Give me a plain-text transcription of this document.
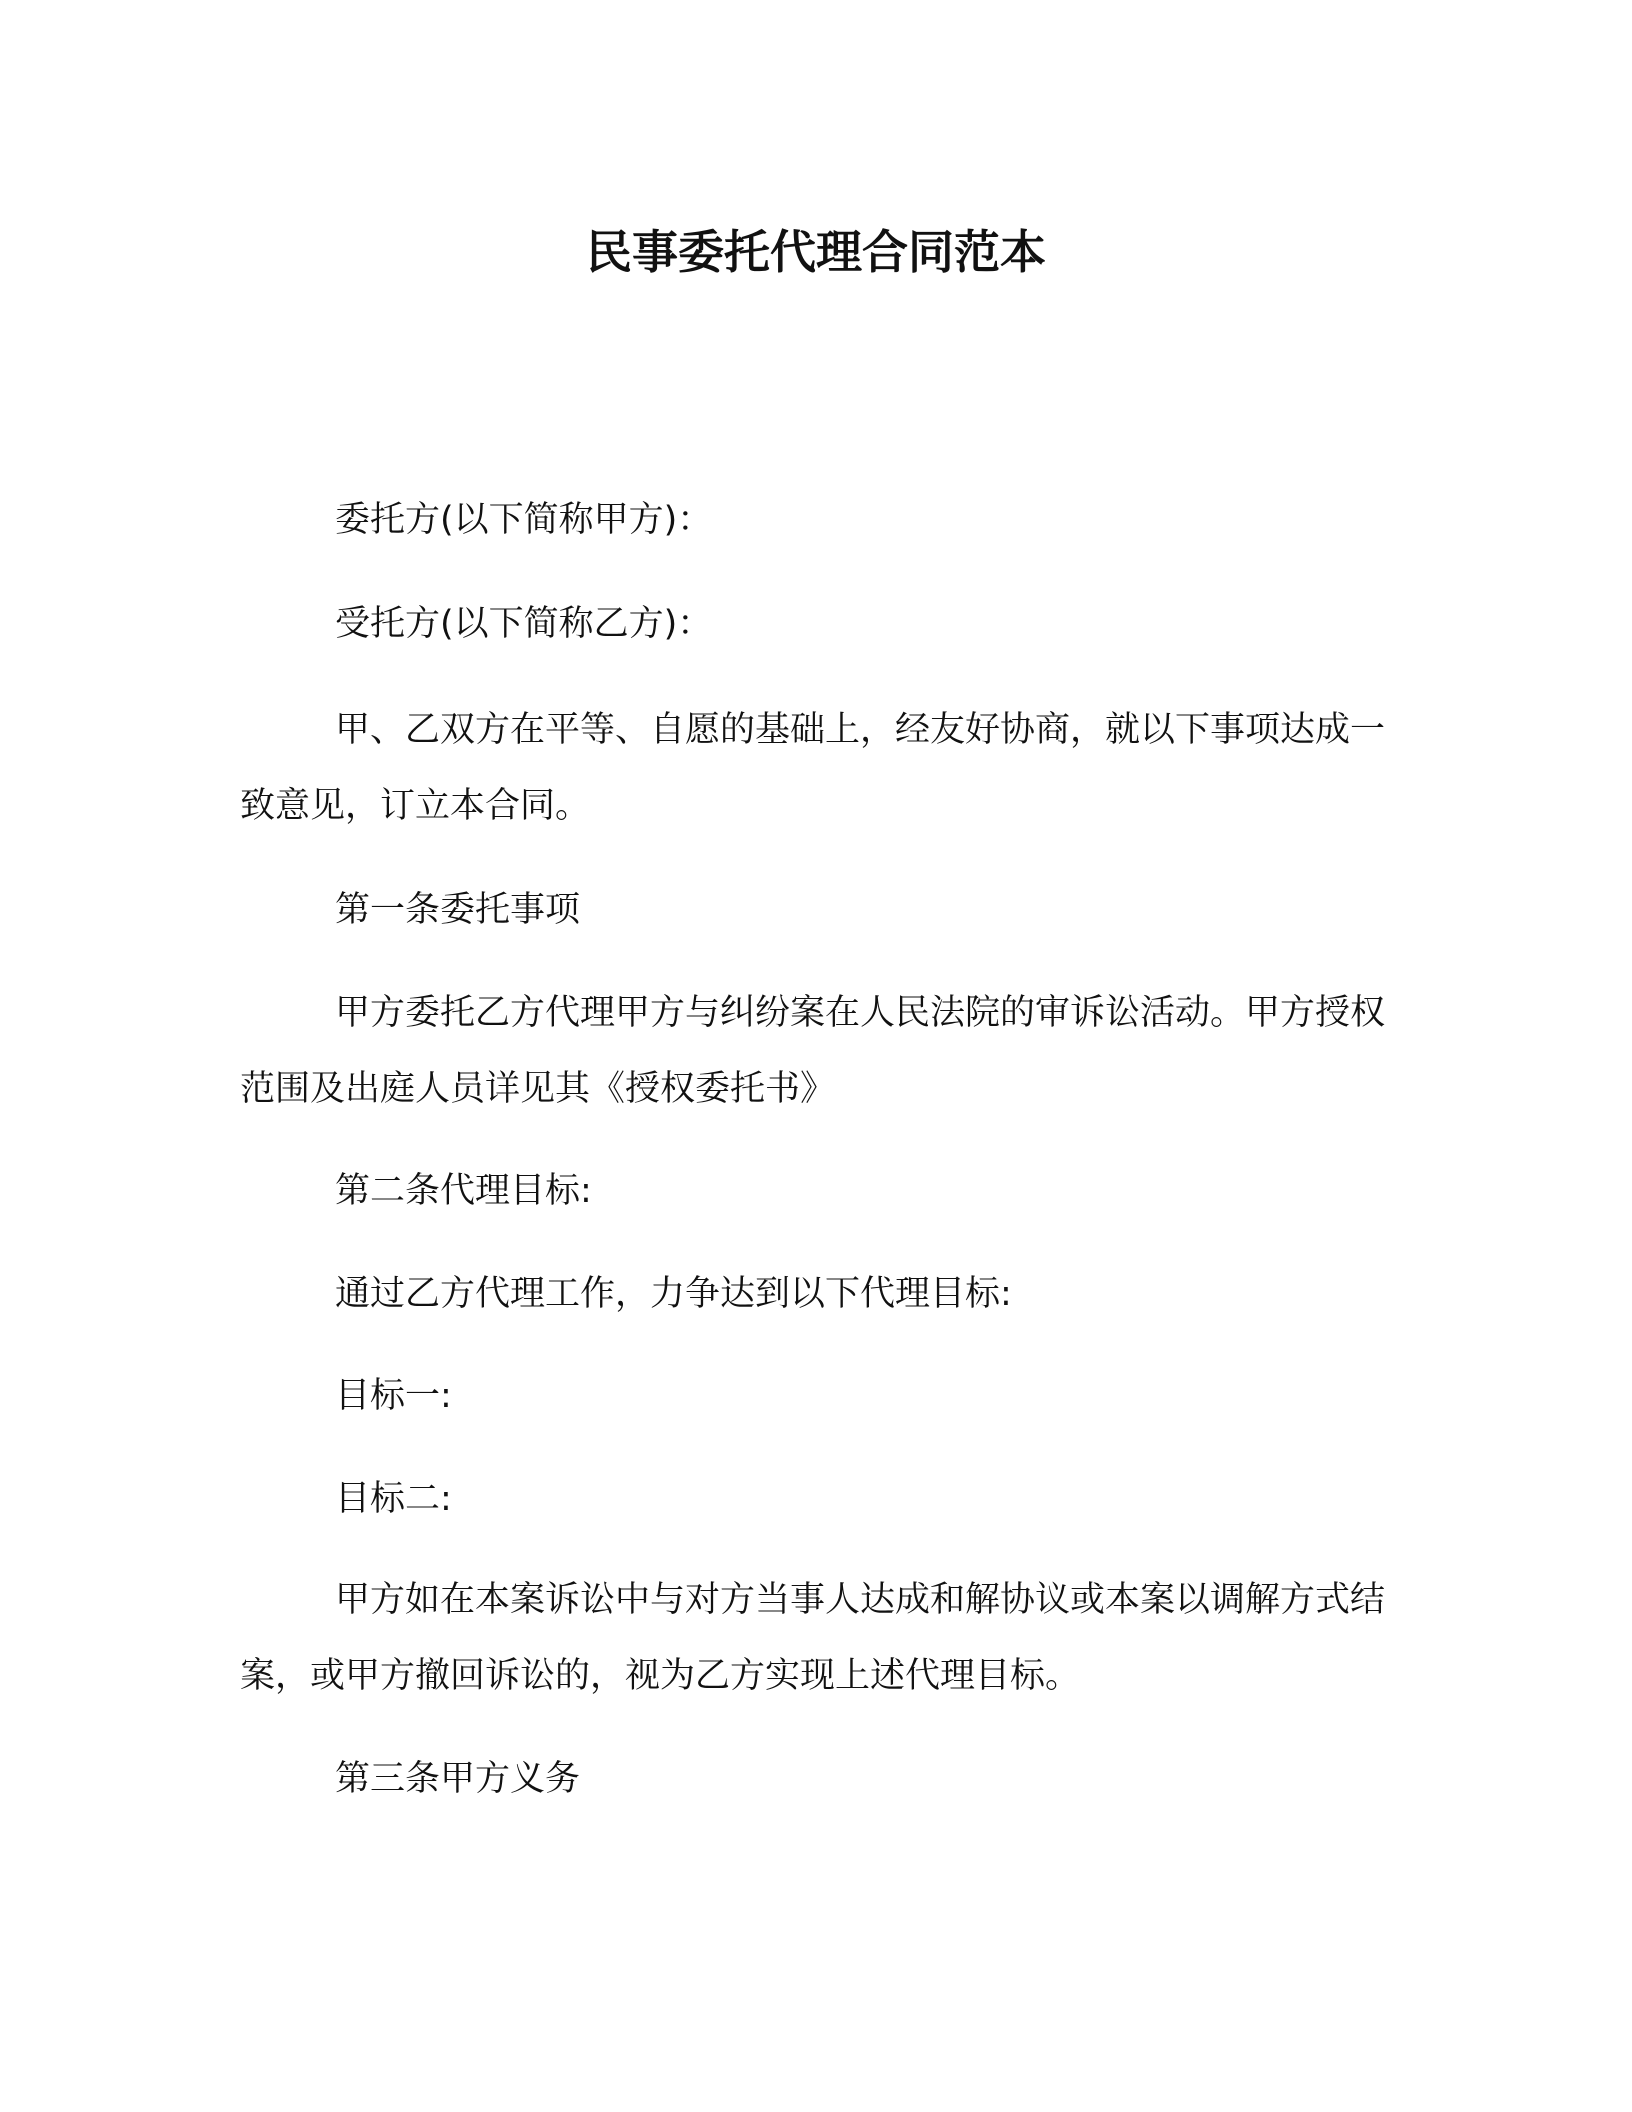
民事委托代理合同范本

委托方(以下简称甲方)：

受托方(以下简称乙方)：

甲、乙双方在平等、自愿的基础上，经友好协商，就以下事项达成一致意见，订立本合同。

第一条委托事项

甲方委托乙方代理甲方与纠纷案在人民法院的审诉讼活动。甲方授权范围及出庭人员详见其《授权委托书》

第二条代理目标:

通过乙方代理工作，力争达到以下代理目标:

目标一:

目标二:

甲方如在本案诉讼中与对方当事人达成和解协议或本案以调解方式结案，或甲方撤回诉讼的，视为乙方实现上述代理目标。

第三条甲方义务
